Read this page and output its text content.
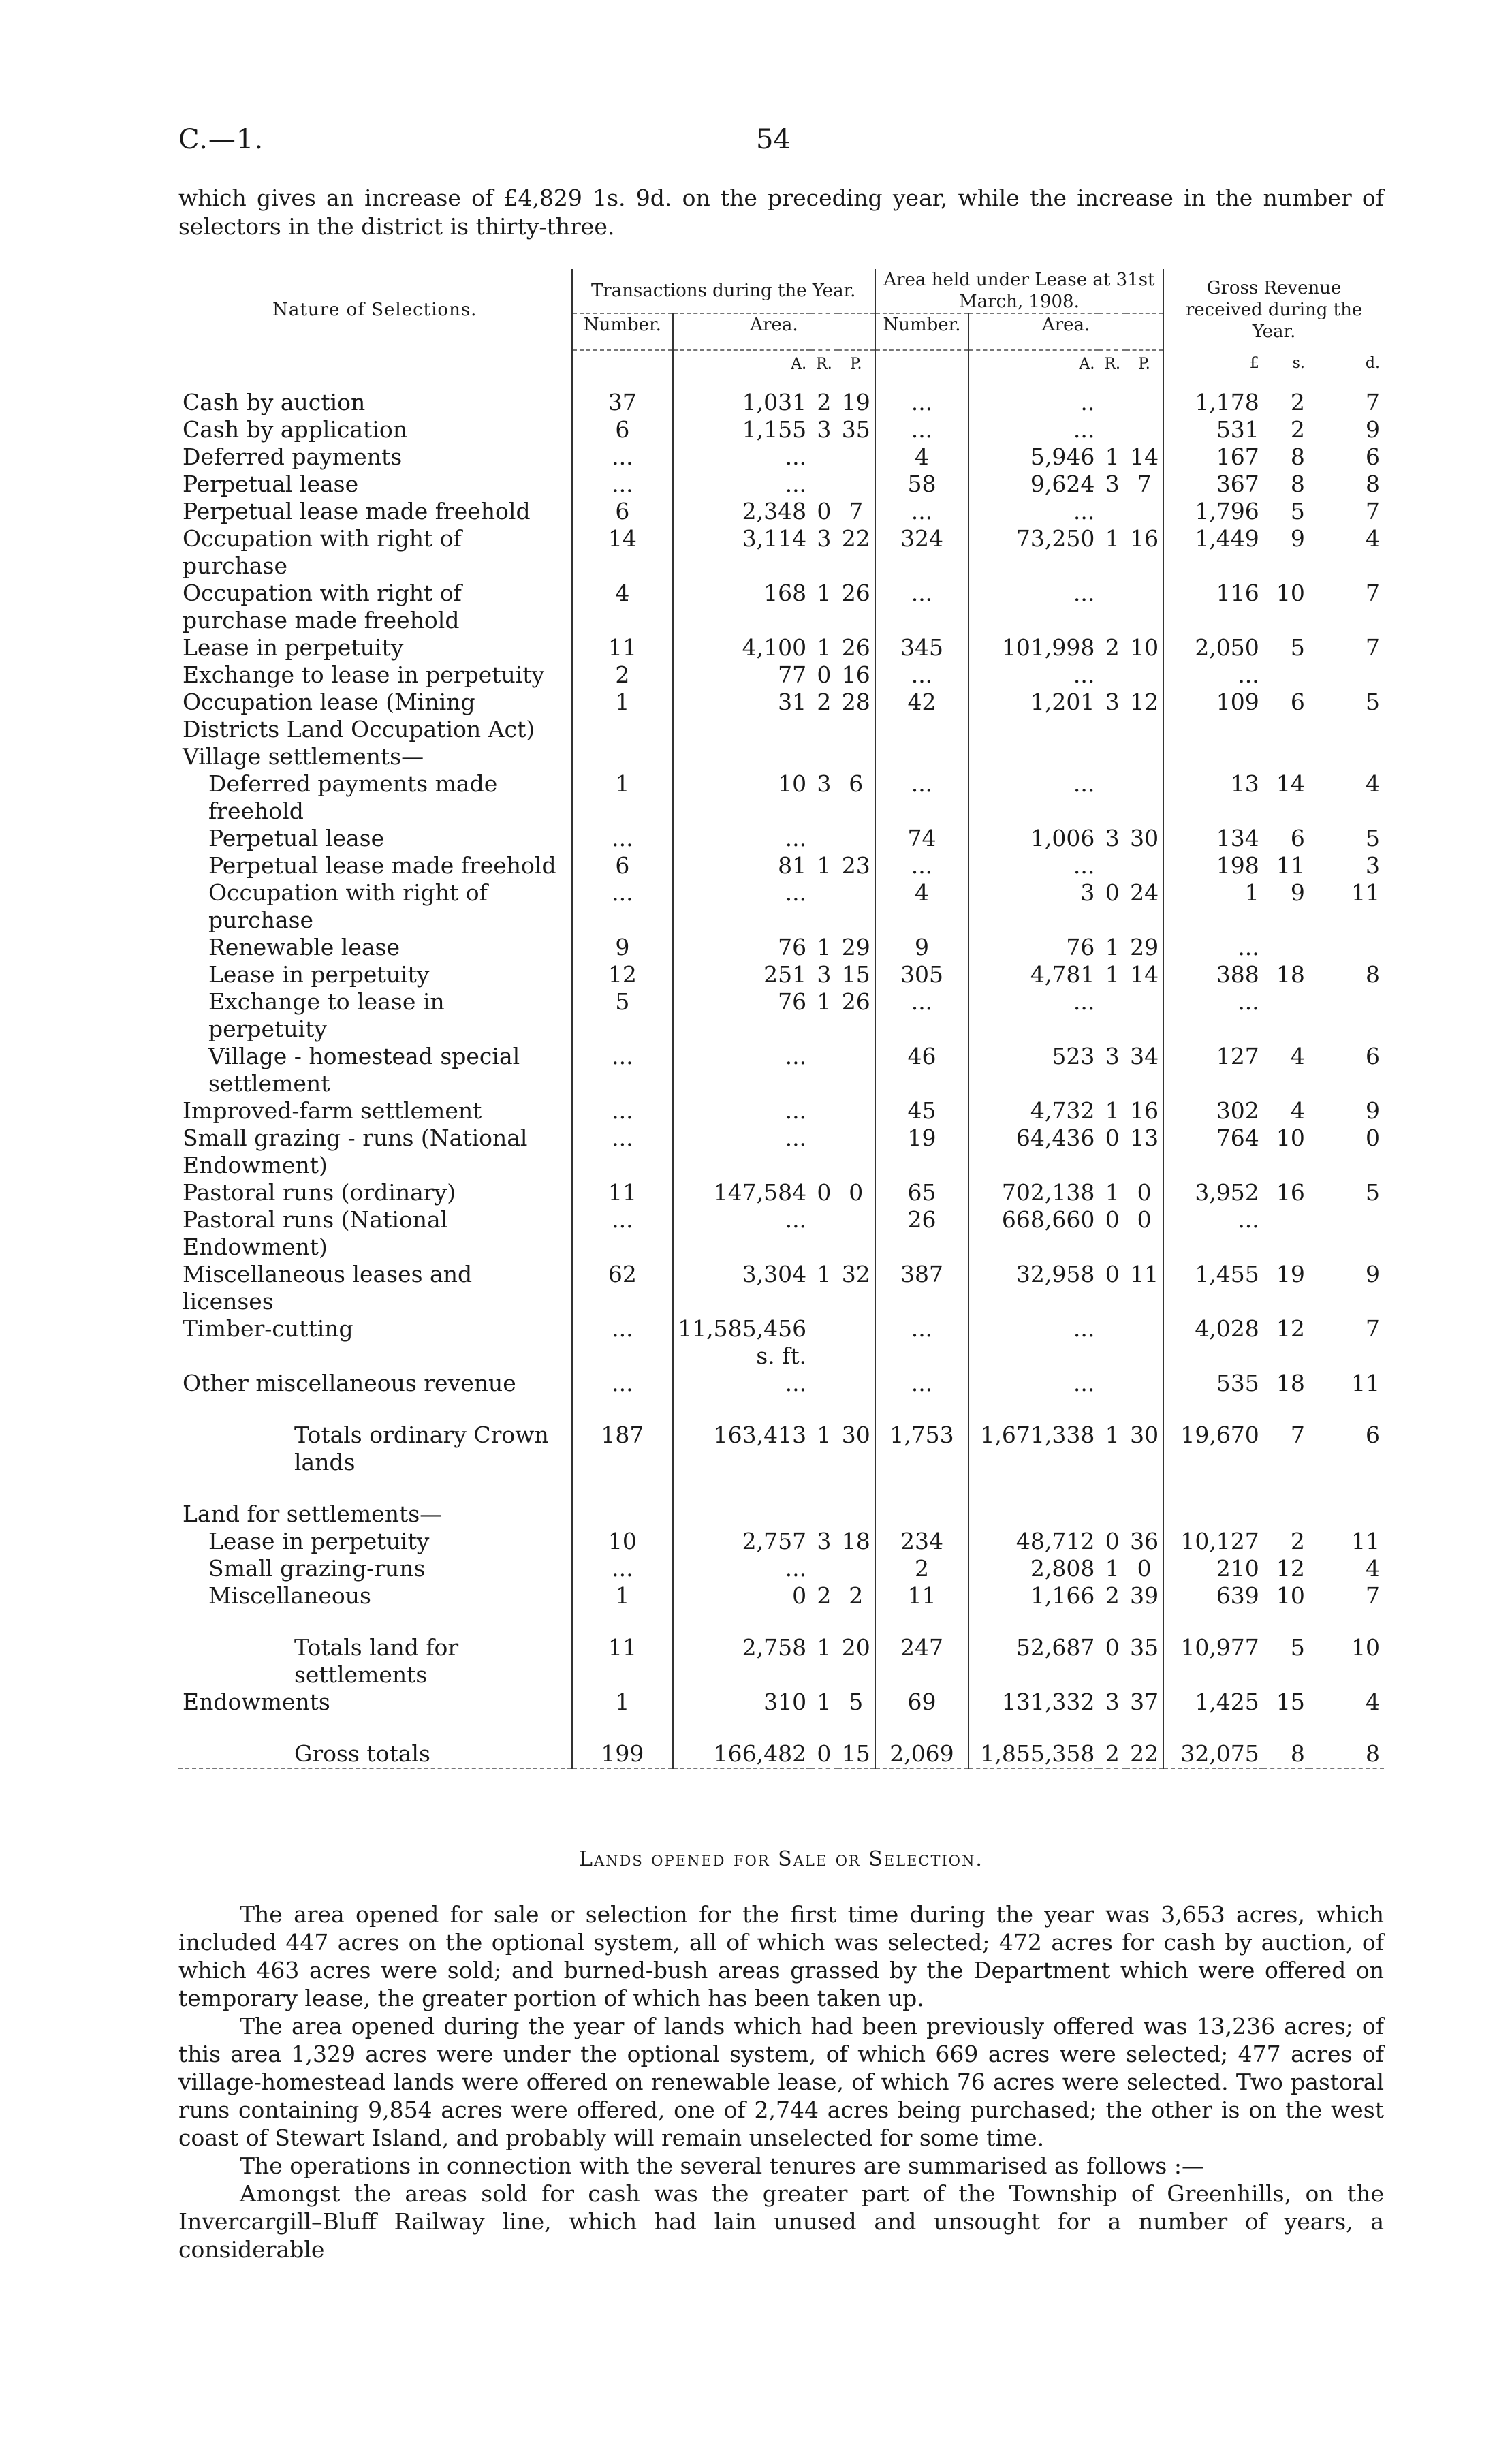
C.—1.	54
which gives an increase of £4,829 1s. 9d. on the preceding year, while the increase in the number of selectors in the district is thirty-three.
Nature of Selections.	Transactions during the Year.				Area held under Lease at 31st March, 1908.				Gross Revenue received during the Year.		
	Number.	Area.			Number.	Area.					
		A.	R.	P.		A.	R.	P.	£	s.	d.
Cash by auction	37	1,031	2	19	...	..			1,178	2	7
Cash by application	6	1,155	3	35	...	...			531	2	9
Deferred payments	...	...			4	5,946	1	14	167	8	6
Perpetual lease	...	...			58	9,624	3	7	367	8	8
Perpetual lease made freehold	6	2,348	0	7	...	...			1,796	5	7
Occupation with right of purchase	14	3,114	3	22	324	73,250	1	16	1,449	9	4
Occupation with right of purchase made freehold	4	168	1	26	...	...			116	10	7
Lease in perpetuity	11	4,100	1	26	345	101,998	2	10	2,050	5	7
Exchange to lease in perpetuity	2	77	0	16	...	...			...		
Occupation lease (Mining Districts Land Occupation Act)	1	31	2	28	42	1,201	3	12	109	6	5
Village settlements—											
Deferred payments made freehold	1	10	3	6	...	...			13	14	4
Perpetual lease	...	...			74	1,006	3	30	134	6	5
Perpetual lease made freehold	6	81	1	23	...	...			198	11	3
Occupation with right of purchase	...	...			4	3	0	24	1	9	11
Renewable lease	9	76	1	29	9	76	1	29	...		
Lease in perpetuity	12	251	3	15	305	4,781	1	14	388	18	8
Exchange to lease in perpetuity	5	76	1	26	...	...			...		
Village - homestead special settlement	...	...			46	523	3	34	127	4	6
Improved-farm settlement	...	...			45	4,732	1	16	302	4	9
Small grazing - runs (National Endowment)	...	...			19	64,436	0	13	764	10	0
Pastoral runs (ordinary)	11	147,584	0	0	65	702,138	1	0	3,952	16	5
Pastoral runs (National Endowment)	...	...			26	668,660	0	0	...		
Miscellaneous leases and licenses	62	3,304	1	32	387	32,958	0	11	1,455	19	9
Timber-cutting	...	11,585,456 s. ft.			...	...			4,028	12	7
Other miscellaneous revenue	...	...			...	...			535	18	11

Totals ordinary Crown lands	187	163,413	1	30	1,753	1,671,338	1	30	19,670	7	6

Land for settlements—											
Lease in perpetuity	10	2,757	3	18	234	48,712	0	36	10,127	2	11
Small grazing-runs	...	...			2	2,808	1	0	210	12	4
Miscellaneous	1	0	2	2	11	1,166	2	39	639	10	7

Totals land for settlements	11	2,758	1	20	247	52,687	0	35	10,977	5	10
Endowments	1	310	1	5	69	131,332	3	37	1,425	15	4

Gross totals	199	166,482	0	15	2,069	1,855,358	2	22	32,075	8	8

Lands opened for Sale or Selection.

The area opened for sale or selection for the first time during the year was 3,653 acres, which included 447 acres on the optional system, all of which was selected; 472 acres for cash by auction, of which 463 acres were sold; and burned-bush areas grassed by the Department which were offered on temporary lease, the greater portion of which has been taken up.

The area opened during the year of lands which had been previously offered was 13,236 acres; of this area 1,329 acres were under the optional system, of which 669 acres were selected; 477 acres of village-homestead lands were offered on renewable lease, of which 76 acres were selected. Two pastoral runs containing 9,854 acres were offered, one of 2,744 acres being purchased; the other is on the west coast of Stewart Island, and probably will remain unselected for some time.

The operations in connection with the several tenures are summarised as follows :—

Amongst the areas sold for cash was the greater part of the Township of Greenhills, on the Invercargill–Bluff Railway line, which had lain unused and unsought for a number of years, a considerable
